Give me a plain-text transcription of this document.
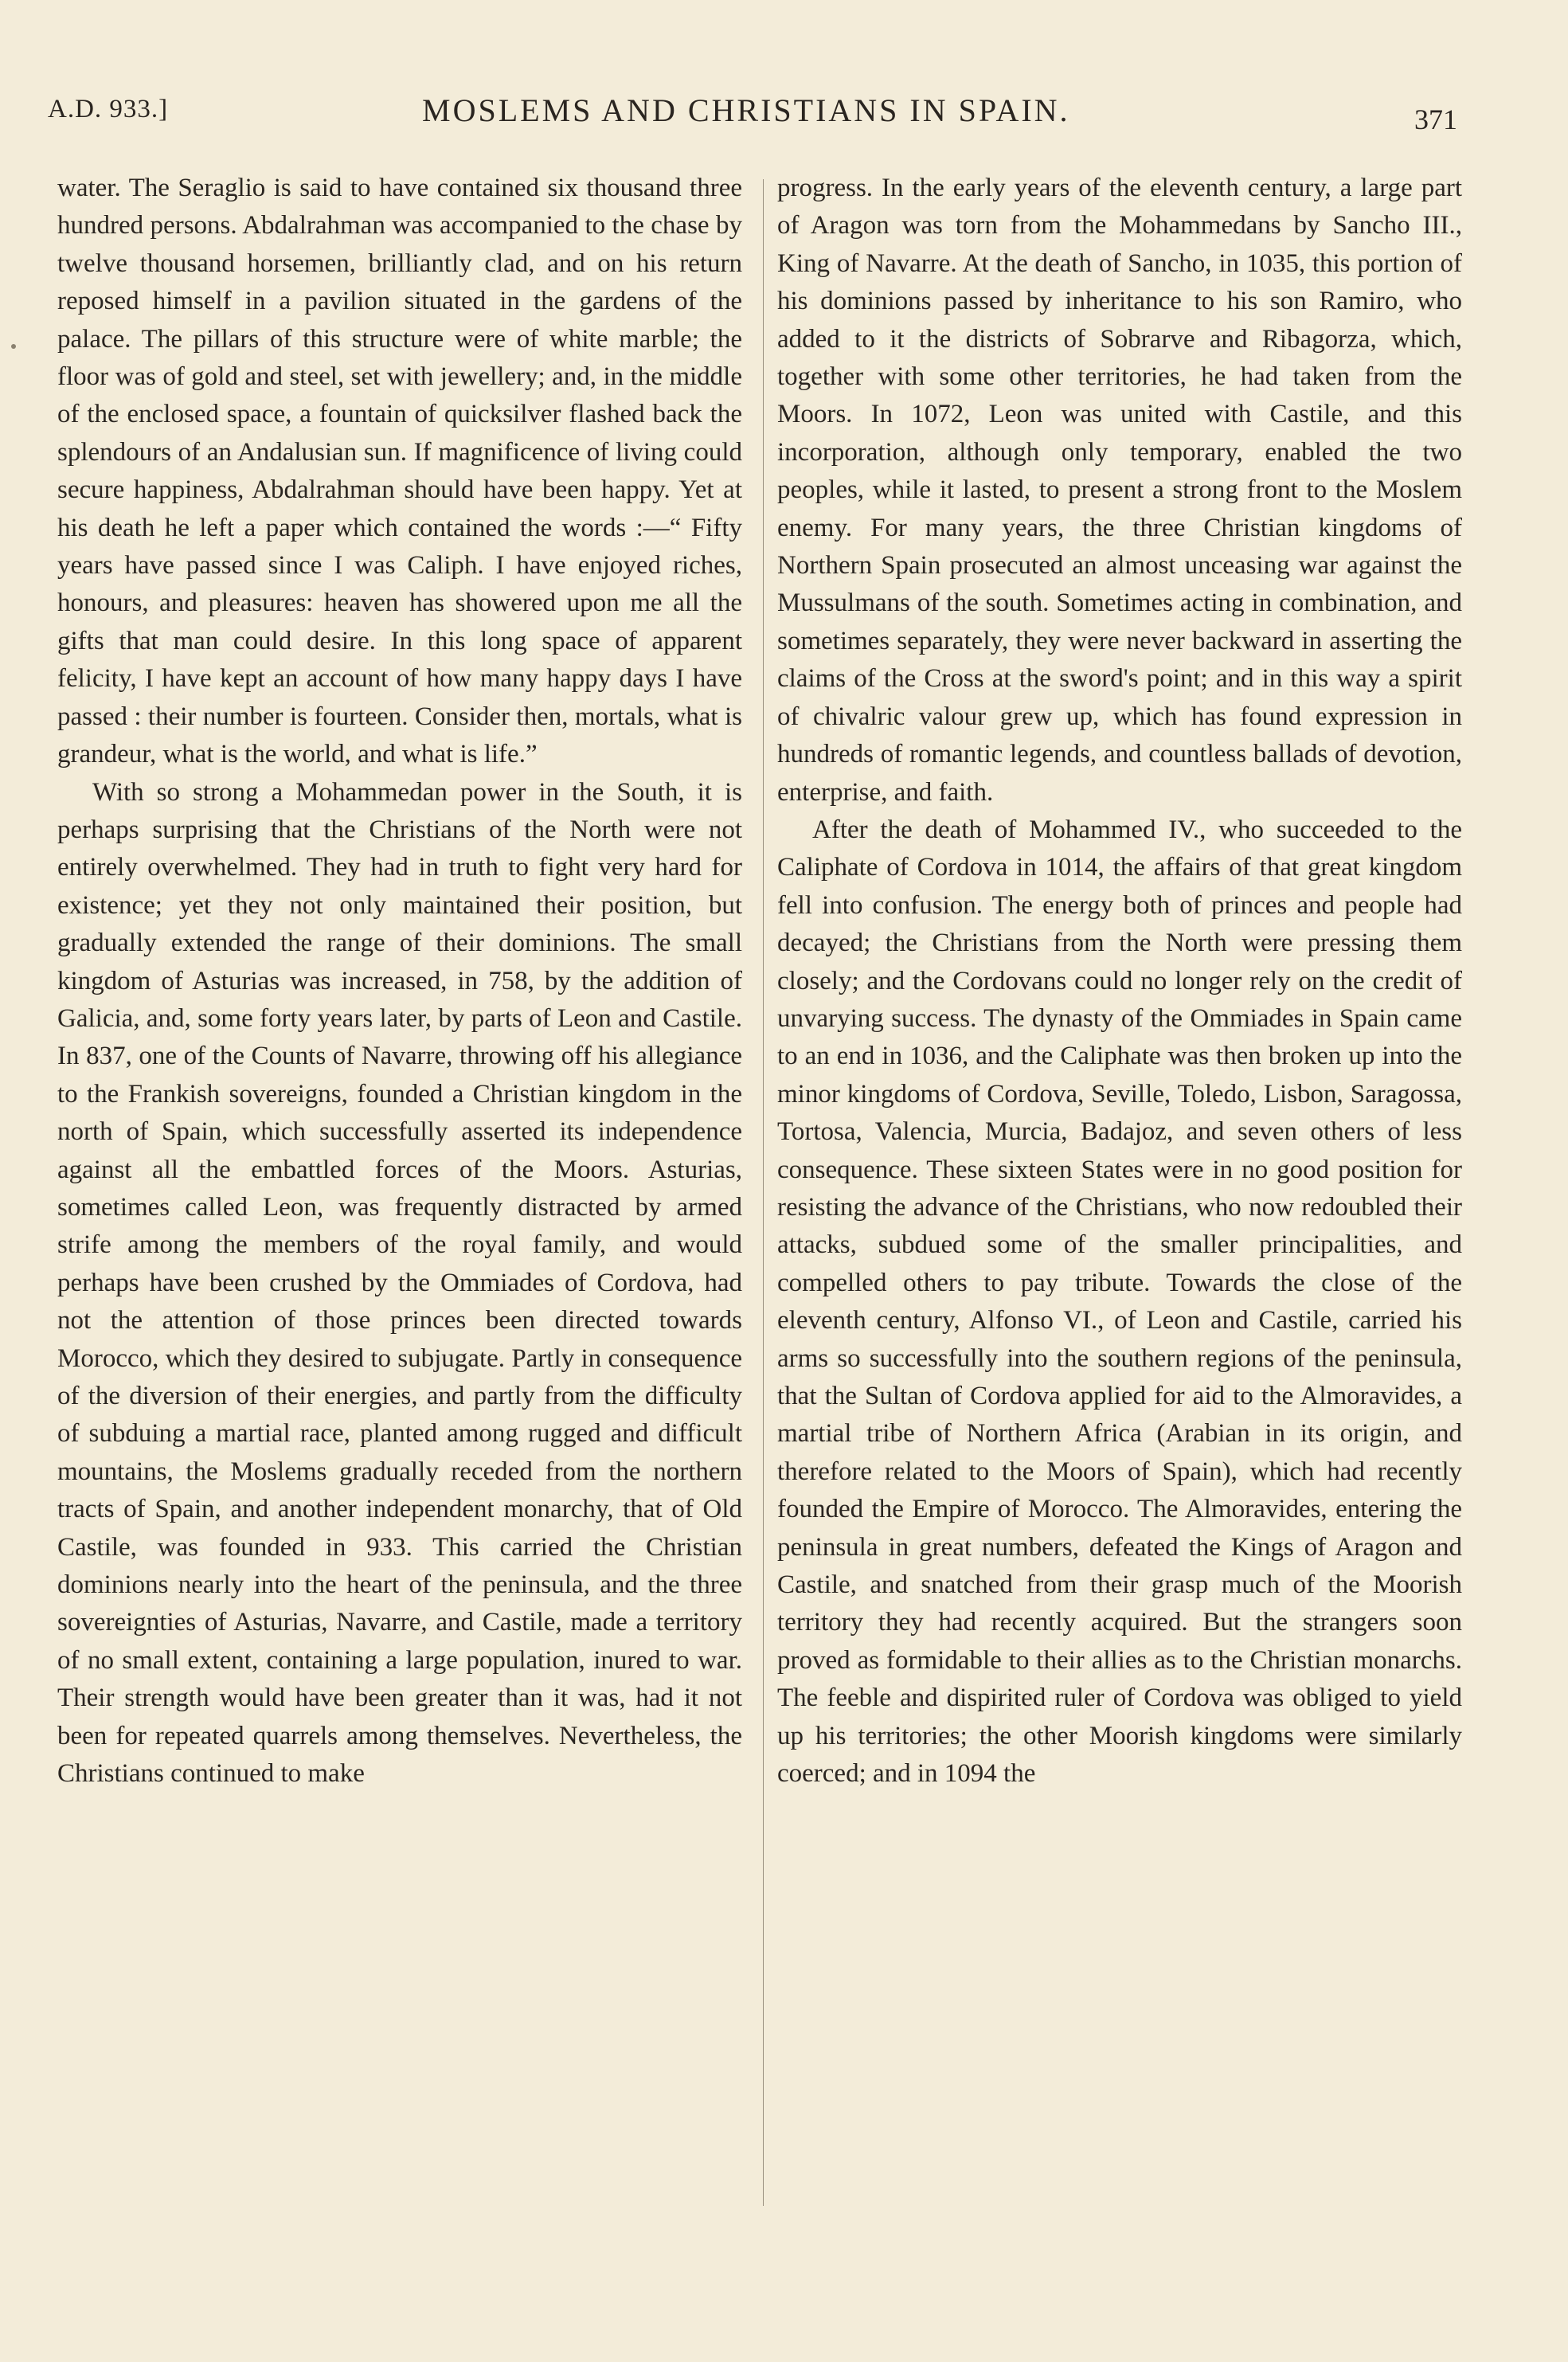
A.D. 933.]	MOSLEMS AND CHRISTIANS IN SPAIN.	371

water. The Seraglio is said to have contained six thousand three hundred persons. Abdalrahman was accompanied to the chase by twelve thousand horsemen, brilliantly clad, and on his return reposed himself in a pavilion situated in the gardens of the palace. The pillars of this structure were of white marble; the floor was of gold and steel, set with jewellery; and, in the middle of the enclosed space, a fountain of quicksilver flashed back the splendours of an Andalusian sun. If magnificence of living could secure happiness, Abdalrahman should have been happy. Yet at his death he left a paper which contained the words :—“ Fifty years have passed since I was Caliph. I have enjoyed riches, honours, and pleasures: heaven has showered upon me all the gifts that man could desire. In this long space of apparent felicity, I have kept an account of how many happy days I have passed : their number is fourteen. Consider then, mortals, what is grandeur, what is the world, and what is life.”

With so strong a Mohammedan power in the South, it is perhaps surprising that the Christians of the North were not entirely overwhelmed. They had in truth to fight very hard for existence; yet they not only maintained their position, but gradually extended the range of their dominions. The small kingdom of Asturias was increased, in 758, by the addition of Galicia, and, some forty years later, by parts of Leon and Castile. In 837, one of the Counts of Navarre, throwing off his allegiance to the Frankish sovereigns, founded a Christian kingdom in the north of Spain, which successfully asserted its independence against all the embattled forces of the Moors. Asturias, sometimes called Leon, was frequently distracted by armed strife among the members of the royal family, and would perhaps have been crushed by the Ommiades of Cordova, had not the attention of those princes been directed towards Morocco, which they desired to subjugate. Partly in consequence of the diversion of their energies, and partly from the difficulty of subduing a martial race, planted among rugged and difficult mountains, the Moslems gradually receded from the northern tracts of Spain, and another independent monarchy, that of Old Castile, was founded in 933. This carried the Christian dominions nearly into the heart of the peninsula, and the three sovereignties of Asturias, Navarre, and Castile, made a territory of no small extent, containing a large population, inured to war. Their strength would have been greater than it was, had it not been for repeated quarrels among themselves. Nevertheless, the Christians continued to make

progress. In the early years of the eleventh century, a large part of Aragon was torn from the Mohammedans by Sancho III., King of Navarre. At the death of Sancho, in 1035, this portion of his dominions passed by inheritance to his son Ramiro, who added to it the districts of Sobrarve and Ribagorza, which, together with some other territories, he had taken from the Moors. In 1072, Leon was united with Castile, and this incorporation, although only temporary, enabled the two peoples, while it lasted, to present a strong front to the Moslem enemy. For many years, the three Christian kingdoms of Northern Spain prosecuted an almost unceasing war against the Mussulmans of the south. Sometimes acting in combination, and sometimes separately, they were never backward in asserting the claims of the Cross at the sword's point; and in this way a spirit of chivalric valour grew up, which has found expression in hundreds of romantic legends, and countless ballads of devotion, enterprise, and faith.

After the death of Mohammed IV., who succeeded to the Caliphate of Cordova in 1014, the affairs of that great kingdom fell into confusion. The energy both of princes and people had decayed; the Christians from the North were pressing them closely; and the Cordovans could no longer rely on the credit of unvarying success. The dynasty of the Ommiades in Spain came to an end in 1036, and the Caliphate was then broken up into the minor kingdoms of Cordova, Seville, Toledo, Lisbon, Saragossa, Tortosa, Valencia, Murcia, Badajoz, and seven others of less consequence. These sixteen States were in no good position for resisting the advance of the Christians, who now redoubled their attacks, subdued some of the smaller principalities, and compelled others to pay tribute. Towards the close of the eleventh century, Alfonso VI., of Leon and Castile, carried his arms so successfully into the southern regions of the peninsula, that the Sultan of Cordova applied for aid to the Almoravides, a martial tribe of Northern Africa (Arabian in its origin, and therefore related to the Moors of Spain), which had recently founded the Empire of Morocco. The Almoravides, entering the peninsula in great numbers, defeated the Kings of Aragon and Castile, and snatched from their grasp much of the Moorish territory they had recently acquired. But the strangers soon proved as formidable to their allies as to the Christian monarchs. The feeble and dispirited ruler of Cordova was obliged to yield up his territories; the other Moorish kingdoms were similarly coerced; and in 1094 the
